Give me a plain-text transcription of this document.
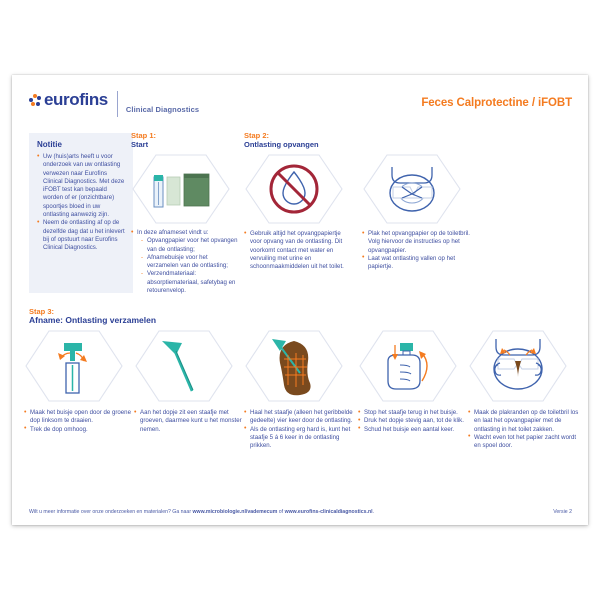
eurofins
Clinical Diagnostics
Feces Calprotectine / iFOBT
Notitie
• Uw (huis)arts heeft u voor onderzoek van uw ontlasting verwezen naar Eurofins Clinical Diagnostics. Met deze iFOBT test kan bepaald worden of er (onzichtbare) spoortjes bloed in uw ontlasting aanwezig zijn.
• Neem de ontlasting af op de dezelfde dag dat u het inlevert bij of opstuurt naar Eurofins Clinical Diagnostics.
Stap 1:
Start
• In deze afnameset vindt u:
- Opvangpapier voor het opvangen van de ontlasting;
- Afnamebuisje voor het verzamelen van de ontlasting;
- Verzendmateriaal: absorptiemateriaal, safetybag en retourenvelop.
Stap 2:
Ontlasting opvangen
• Gebruik altijd het opvangpapiertje voor opvang van de ontlasting. Dit voorkomt contact met water en vervuiling met urine en schoonmaakmiddelen uit het toilet.
• Plak het opvangpapier op de toiletbril. Volg hiervoor de instructies op het opvangpapier.
• Laat wat ontlasting vallen op het papiertje.
Stap 3:
Afname: Ontlasting verzamelen
• Maak het buisje open door de groene dop linksom te draaien.
• Trek de dop omhoog.
• Aan het dopje zit een staafje met groeven, daarmee kunt u het monster nemen.
• Haal het staafje (alleen het geribbelde gedeelte) vier keer door de ontlasting.
• Als de ontlasting erg hard is, kunt het staafje 5 á 6 keer in de ontlasting prikken.
• Stop het staafje terug in het buisje.
• Druk het dopje stevig aan, tot de klik.
• Schud het buisje een aantal keer.
• Maak de plakranden op de toiletbril los en laat het opvangpapier met de ontlasting in het toilet zakken.
• Wacht even tot het papier zacht wordt en spoel door.
Wilt u meer informatie over onze onderzoeken en materialen? Ga naar www.microbiologie.nl/vademecum of www.eurofins-clinicaldiagnostics.nl.	Versie 2
